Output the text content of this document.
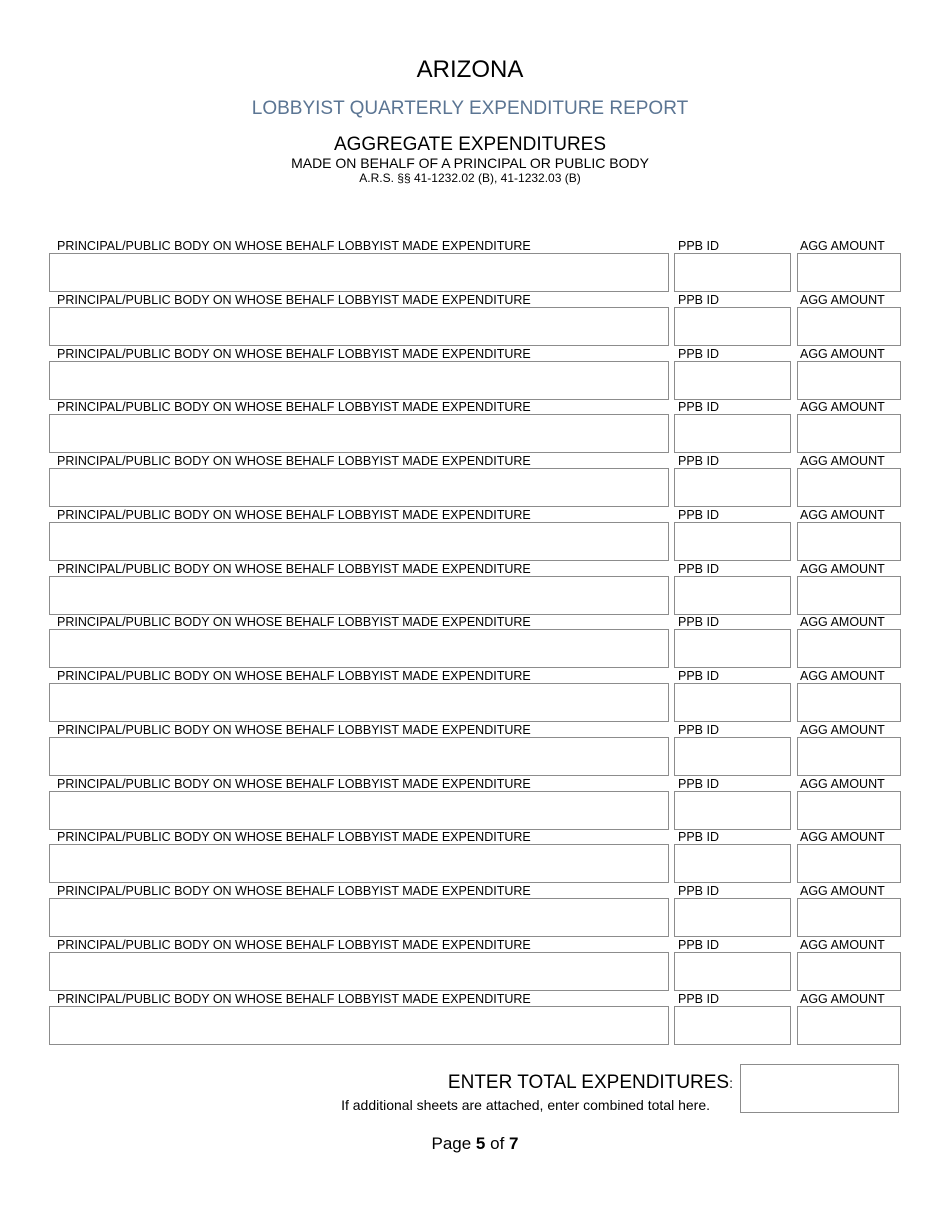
ARIZONA
LOBBYIST QUARTERLY EXPENDITURE REPORT
AGGREGATE EXPENDITURES
MADE ON BEHALF OF A PRINCIPAL OR PUBLIC BODY
A.R.S. §§ 41-1232.02 (B), 41-1232.03 (B)
PRINCIPAL/PUBLIC BODY ON WHOSE BEHALF LOBBYIST MADE EXPENDITURE	PPB ID	AGG AMOUNT
PRINCIPAL/PUBLIC BODY ON WHOSE BEHALF LOBBYIST MADE EXPENDITURE	PPB ID	AGG AMOUNT
PRINCIPAL/PUBLIC BODY ON WHOSE BEHALF LOBBYIST MADE EXPENDITURE	PPB ID	AGG AMOUNT
PRINCIPAL/PUBLIC BODY ON WHOSE BEHALF LOBBYIST MADE EXPENDITURE	PPB ID	AGG AMOUNT
PRINCIPAL/PUBLIC BODY ON WHOSE BEHALF LOBBYIST MADE EXPENDITURE	PPB ID	AGG AMOUNT
PRINCIPAL/PUBLIC BODY ON WHOSE BEHALF LOBBYIST MADE EXPENDITURE	PPB ID	AGG AMOUNT
PRINCIPAL/PUBLIC BODY ON WHOSE BEHALF LOBBYIST MADE EXPENDITURE	PPB ID	AGG AMOUNT
PRINCIPAL/PUBLIC BODY ON WHOSE BEHALF LOBBYIST MADE EXPENDITURE	PPB ID	AGG AMOUNT
PRINCIPAL/PUBLIC BODY ON WHOSE BEHALF LOBBYIST MADE EXPENDITURE	PPB ID	AGG AMOUNT
PRINCIPAL/PUBLIC BODY ON WHOSE BEHALF LOBBYIST MADE EXPENDITURE	PPB ID	AGG AMOUNT
PRINCIPAL/PUBLIC BODY ON WHOSE BEHALF LOBBYIST MADE EXPENDITURE	PPB ID	AGG AMOUNT
PRINCIPAL/PUBLIC BODY ON WHOSE BEHALF LOBBYIST MADE EXPENDITURE	PPB ID	AGG AMOUNT
PRINCIPAL/PUBLIC BODY ON WHOSE BEHALF LOBBYIST MADE EXPENDITURE	PPB ID	AGG AMOUNT
PRINCIPAL/PUBLIC BODY ON WHOSE BEHALF LOBBYIST MADE EXPENDITURE	PPB ID	AGG AMOUNT
PRINCIPAL/PUBLIC BODY ON WHOSE BEHALF LOBBYIST MADE EXPENDITURE	PPB ID	AGG AMOUNT
ENTER TOTAL EXPENDITURES:
If additional sheets are attached, enter combined total here.
Page 5 of 7
